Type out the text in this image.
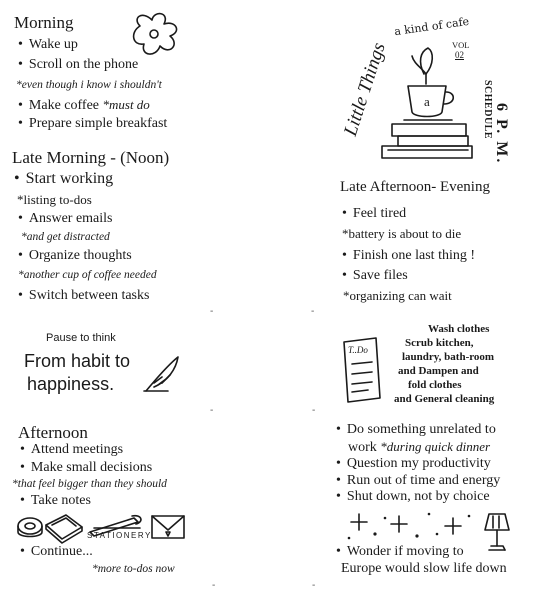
Morning
• Wake up
• Scroll on the phone
*even though i know i shouldn't
• Make coffee *must do
• Prepare simple breakfast
Late Morning - (Noon)
• Start working
*listing to-dos
• Answer emails
*and get distracted
• Organize thoughts
*another cup of coffee needed
• Switch between tasks
Little Things
a kind of cafe
VOL
02
SCHEDULE 6 P. M.
a
Late Afternoon- Evening
• Feel tired
*battery is about to die
• Finish one last thing !
• Save files
*organizing can wait
-	-
Pause to think
From habit to
happiness.
T..Do
Wash clothes
Scrub kitchen,
laundry, bath-room
and Dampen and
fold clothes
and General cleaning
-	-
Afternoon
• Attend meetings
• Make small decisions
*that feel bigger than they should
• Take notes
STATIONERY
• Continue...
*more to-dos now
• Do something unrelated to
work *during quick dinner
• Question my productivity
• Run out of time and energy
• Shut down, not by choice
• Wonder if moving to
Europe would slow life down
-	-
